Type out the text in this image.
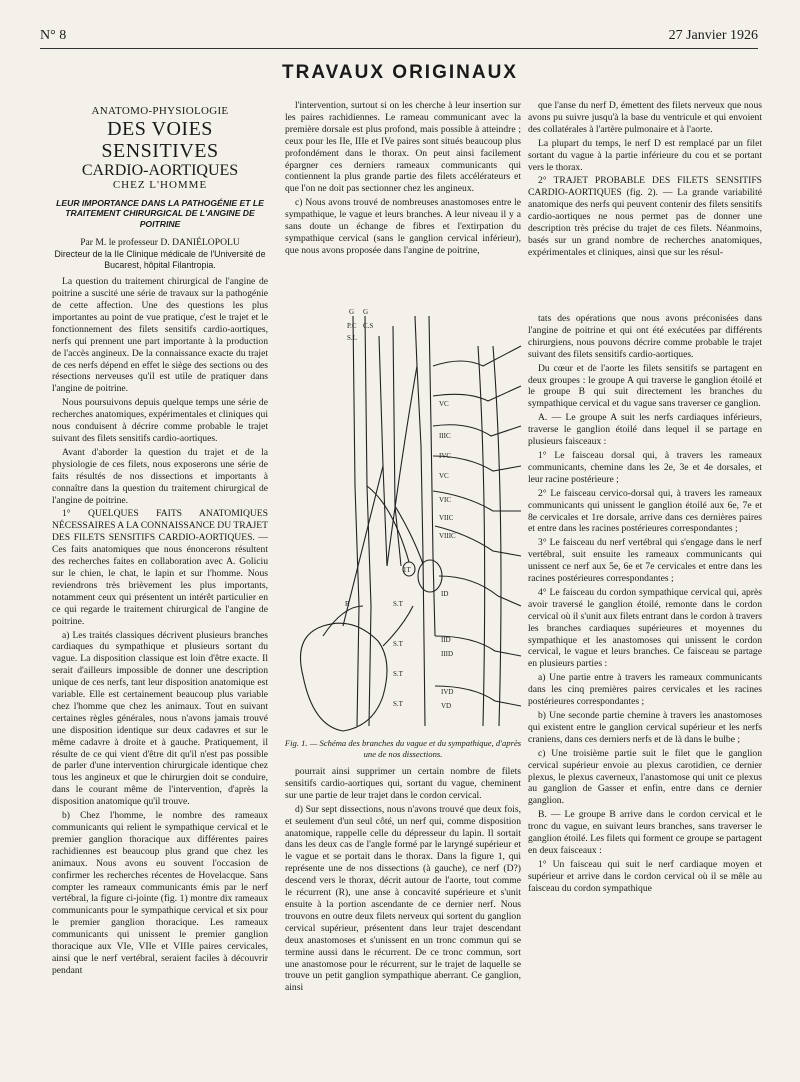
N° 8	27 Janvier 1926
TRAVAUX ORIGINAUX
ANATOMO-PHYSIOLOGIE
DES VOIES SENSITIVES
CARDIO-AORTIQUES
CHEZ L'HOMME
LEUR IMPORTANCE DANS LA PATHOGÉNIE ET LE TRAITEMENT CHIRURGICAL DE L'ANGINE DE POITRINE
Par M. le professeur D. DANIÉLOPOLU
Directeur de la IIe Clinique médicale de l'Université de Bucarest, hôpital Filantropia.

La question du traitement chirurgical de l'angine de poitrine a suscité une série de travaux sur la pathogénie de cette affection. Une des questions les plus importantes au point de vue pratique, c'est le trajet et le fonctionnement des filets sensitifs cardio-aortiques, nerfs qui prennent une part importante à la production de l'accès angineux. De la connaissance exacte du trajet de ces nerfs dépend en effet le siège des sections ou des résections nerveuses qu'il est utile de pratiquer dans l'angine de poitrine.

Nous poursuivons depuis quelque temps une série de recherches anatomiques, expérimentales et cliniques qui nous conduisent à décrire comme probable le trajet suivant des filets sensitifs cardio-aortiques.

Avant d'aborder la question du trajet et de la physiologie de ces filets, nous exposerons une série de faits résultés de nos dissections et importants à connaître dans la question du traitement chirurgical de l'angine de poitrine.

1° QUELQUES FAITS ANATOMIQUES NÉCESSAIRES A LA CONNAISSANCE DU TRAJET DES FILETS SENSITIFS CARDIO-AORTIQUES. — Ces faits anatomiques que nous énoncerons résultent des recherches faites en collaboration avec A. Goliciu sur le chien, le chat, le lapin et sur l'homme. Nous reviendrons très brièvement les plus importants, notamment ceux qui présentent un intérêt particulier en ce qui regarde le traitement chirurgical de l'angine de poitrine.

a) Les traités classiques décrivent plusieurs branches cardiaques du sympathique et plusieurs sortant du vague. La disposition classique est loin d'être exacte. Il serait d'ailleurs impossible de donner une description unique de ces nerfs, tant leur disposition anatomique est variable. Elle est certainement beaucoup plus variable chez l'homme que chez les animaux. Tout en suivant certaines règles générales, nous n'avons jamais trouvé une disposition identique sur deux cadavres et sur le même cadavre à droite et à gauche. Pratiquement, il résulte de ce qui vient d'être dit qu'il n'est pas possible de parler d'une intervention chirurgicale identique chez tous les angineux et que le chirurgien doit se conduire, dans le courant même de l'intervention, d'après la disposition anatomique qu'il trouve.

b) Chez l'homme, le nombre des rameaux communicants qui relient le sympathique cervical et le premier ganglion thoracique aux différentes paires rachidiennes est beaucoup plus grand que chez les animaux. Nous avons eu souvent l'occasion de confirmer les recherches récentes de Hovelacque. Sans compter les rameaux communicants émis par le nerf vertébral, la figure ci-jointe (fig. 1) montre dix rameaux communicants pour le sympathique cervical et six pour le premier ganglion thoracique. Les rameaux communicants qui unissent le premier ganglion thoracique aux VIe, VIIe et VIIIe paires cervicales, ainsi que le nerf vertébral, seraient faciles à découvrir pendant

l'intervention, surtout si on les cherche à leur insertion sur les paires rachidiennes. Le rameau communicant avec la première dorsale est plus profond, mais possible à atteindre ; ceux pour les IIe, IIIe et IVe paires sont situés beaucoup plus profondément dans le thorax. On peut ainsi facilement épargner ces derniers rameaux communicants qui contiennent la plus grande partie des filets accélérateurs et que l'on ne doit pas sectionner chez les angineux.

c) Nous avons trouvé de nombreuses anastomoses entre le sympathique, le vague et leurs branches. A leur niveau il y a sans doute un échange de fibres et l'extirpation du sympathique cervical (sans le ganglion cervical inférieur), que nous avons proposée dans l'angine de poitrine,

G
P.C
S.L
G
C.S
VC
IIIC
IVC
VC
VIC
VIIC
VIIIC
ID
IID
IIID
IVD
VD
S.T
S.T
S.T
S.T
R
1T
Fig. 1. — Schéma des branches du vague et du sympathique, d'après une de nos dissections.

pourrait ainsi supprimer un certain nombre de filets sensitifs cardio-aortiques qui, sortant du vague, cheminent sur une partie de leur trajet dans le cordon cervical.

d) Sur sept dissections, nous n'avons trouvé que deux fois, et seulement d'un seul côté, un nerf qui, comme disposition anatomique, rappelle celle du dépresseur du lapin. Il sortait dans les deux cas de l'angle formé par le laryngé supérieur et le vague et se portait dans le thorax. Dans la figure 1, qui représente une de nos dissections (à gauche), ce nerf (D?) descend vers le thorax, décrit autour de l'aorte, tout comme le récurrent (R), une anse à concavité supérieure et s'unit ensuite à la portion ascendante de ce dernier nerf. Nous trouvons en outre deux filets nerveux qui sortent du ganglion cervical supérieur, présentent dans leur trajet descendant deux anastomoses et s'unissent en un tronc commun qui se termine aussi dans le récurrent. De ce tronc commun, sort une anastomose pour le récurrent, sur le trajet de laquelle se trouve un petit ganglion sympathique aberrant. Ce ganglion, ainsi

que l'anse du nerf D, émettent des filets nerveux que nous avons pu suivre jusqu'à la base du ventricule et qui envoient des collatérales à l'artère pulmonaire et à l'aorte.

La plupart du temps, le nerf D est remplacé par un filet sortant du vague à la partie inférieure du cou et se portant vers le thorax.

2° TRAJET PROBABLE DES FILETS SENSITIFS CARDIO-AORTIQUES (fig. 2). — La grande variabilité anatomique des nerfs qui peuvent contenir des filets sensitifs cardio-aortiques ne nous permet pas de donner une description très précise du trajet de ces filets. Néanmoins, basés sur un grand nombre de recherches anatomiques, expérimentales et cliniques, ainsi que sur les résul-

tats des opérations que nous avons préconisées dans l'angine de poitrine et qui ont été exécutées par différents chirurgiens, nous pouvons décrire comme probable le trajet suivant des filets sensitifs cardio-aortiques.

Du cœur et de l'aorte les filets sensitifs se partagent en deux groupes : le groupe A qui traverse le ganglion étoilé et le groupe B qui suit directement les branches du sympathique cervical et du vague sans traverser ce ganglion.

A. — Le groupe A suit les nerfs cardiaques inférieurs, traverse le ganglion étoilé dans lequel il se partage en plusieurs faisceaux :

1° Le faisceau dorsal qui, à travers les rameaux communicants, chemine dans les 2e, 3e et 4e dorsales, et leur racine postérieure ;

2° Le faisceau cervico-dorsal qui, à travers les rameaux communicants qui unissent le ganglion étoilé aux 6e, 7e et 8e cervicales et 1re dorsale, arrive dans ces dernières paires et entre dans les racines postérieures correspondantes ;

3° Le faisceau du nerf vertébral qui s'engage dans le nerf vertébral, suit ensuite les rameaux communicants qui unissent ce nerf aux 5e, 6e et 7e cervicales et entre dans les racines postérieures correspondantes ;

4° Le faisceau du cordon sympathique cervical qui, après avoir traversé le ganglion étoilé, remonte dans le cordon cervical où il s'unit aux filets entrant dans le cordon à travers les branches cardiaques supérieures et moyennes du sympathique et les anastomoses qui unissent le cordon cervical, le vague et leurs branches. Ce faisceau se partage en plusieurs parties :

a) Une partie entre à travers les rameaux communicants dans les cinq premières paires cervicales et les racines postérieures correspondantes ;

b) Une seconde partie chemine à travers les anastomoses qui existent entre le ganglion cervical supérieur et les nerfs craniens, dans ces derniers nerfs et de là dans le bulbe ;

c) Une troisième partie suit le filet que le ganglion cervical supérieur envoie au plexus carotidien, ce dernier plexus, le plexus caverneux, l'anastomose qui unit ce plexus au ganglion de Gasser et enfin, entre dans ce dernier ganglion.

B. — Le groupe B arrive dans le cordon cervical et le tronc du vague, en suivant leurs branches, sans traverser le ganglion étoilé. Les filets qui forment ce groupe se partagent en deux faisceaux :

1° Un faisceau qui suit le nerf cardiaque moyen et supérieur et arrive dans le cordon cervical où il se mêle au faisceau du cordon sympathique
